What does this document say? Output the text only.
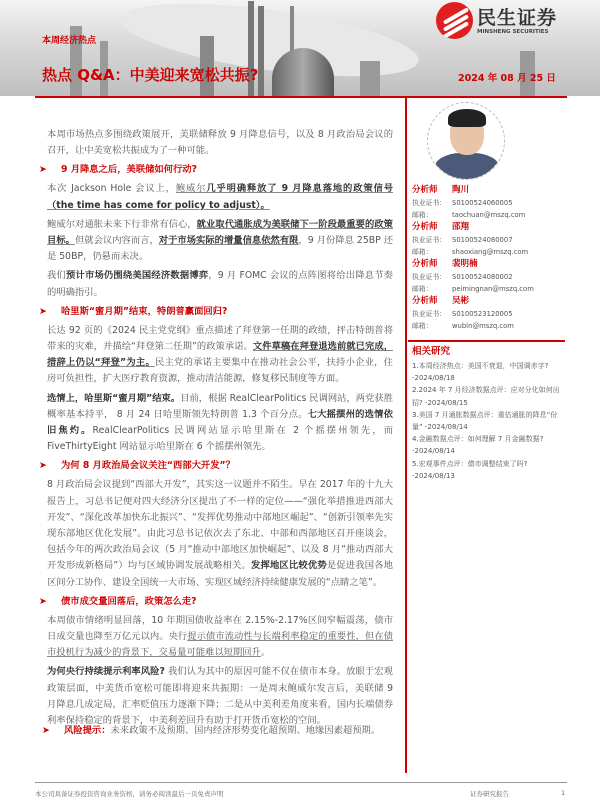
本周经济热点
热点 Q&A：中美迎来宽松共振?	2024 年 08 月 25 日
民生证券
MINSHENG SECURITIES

本周市场热点多围绕政策展开，美联储释放 9 月降息信号，以及 8 月政治局会议的召开，让中美宽松共振成为了一种可能。

➤ 9 月降息之后，美联储如何行动?

本次 Jackson Hole 会议上，鲍威尔几乎明确释放了 9 月降息落地的政策信号（the time has come for policy to adjust）。

鲍威尔对通胀未来下行非常有信心，就业取代通胀成为美联储下一阶段最重要的政策目标。但就会议内容而言，对于市场实际的增量信息依然有限，9 月份降息 25BP 还是 50BP，仍悬而未决。

我们预计市场仍围绕美国经济数据博弈，9 月 FOMC 会议的点阵图将给出降息节奏的明确指引。

➤ 哈里斯“蜜月期”结束，特朗普赢面回归?

长达 92 页的《2024 民主党党纲》重点描述了拜登第一任期的政绩，抨击特朗普将带来的灾难，并描绘“拜登第二任期”的政策承诺。文件草稿在拜登退选前就已完成，措辞上仍以“拜登”为主。民主党的承诺主要集中在推动社会公平，扶持小企业，住房可负担性，扩大医疗教育资源，推动清洁能源，修复移民制度等方面。

选情上，哈里斯“蜜月期”结束。目前，根据 RealClearPolitics 民调网站，两党获胜概率基本持平， 8 月 24 日哈里斯领先特朗普 1.3 个百分点。七大摇摆州的选情依旧焦灼。RealClearPolitics 民调网站显示哈里斯在 2 个摇摆州领先，而 FiveThirtyEight 网站显示哈里斯在 6 个摇摆州领先。

➤ 为何 8 月政治局会议关注“西部大开发”？

8 月政治局会议提到“西部大开发”，其实这一议题并不陌生。早在 2017 年的十九大报告上，习总书记便对四大经济分区提出了不一样的定位——“强化举措推进西部大开发”、“深化改革加快东北振兴”、“发挥优势推动中部地区崛起”、“创新引领率先实现东部地区优化发展”。由此习总书记依次去了东北、中部和西部地区召开座谈会，包括今年的两次政治局会议（5 月“推动中部地区加快崛起”、以及 8 月“推动西部大开发形成新格局”）均与区域协调发展战略相关。发挥地区比较优势是促进我国各地区间分工协作、建设全国统一大市场、实现区域经济持续健康发展的“点睛之笔”。

➤ 债市成交量回落后，政策怎么走?

本周债市情绪明显回落，10 年期国债收益率在 2.15%-2.17%区间窄幅震荡，债市日成交量也降至万亿元以内。央行提示债市流动性与长端利率稳定的重要性，但在债市投机行为减少的背景下，交易量可能难以短期回升。

为何央行持续提示利率风险? 我们认为其中的原因可能不仅在债市本身。放眼于宏观政策层面，中美货币宽松可能即将迎来共振期：一是周末鲍威尔发言后，美联储 9 月降息几成定局，汇率贬值压力逐渐下降；二是从中美利差角度来看，国内长端债券利率保持稳定的背景下，中美利差回升有助于打开货币宽松的空间。

➤ 风险提示：未来政策不及预期、国内经济形势变化超预期、地缘因素超预期。
分析师 陶川
执业证书： S0100524060005
邮箱：	taochuan@mszq.com
分析师 邵翔
执业证书： S0100524080007
邮箱：	shaoxiang@mszq.com
分析师 裴明楠
执业证书： S0100524080002
邮箱：	peimingnan@mszq.com
分析师 吴彬
执业证书： S0100523120005
邮箱：	wubin@mszq.com
相关研究
1.本周经济热点：美国不衰退，中国调赤字?-2024/08/18
2.2024 年 7 月经济数据点评：应对分化如何出招? -2024/08/15
3.美国 7 月通胀数据点评：重估通胀的降息“份量” -2024/08/14
4.金融数据点评：如何理解 7 月金融数据? -2024/08/14
5.宏观事件点评：债市调整结束了吗? -2024/08/13
本公司具备证券投资咨询业务资格，请务必阅读最后一页免责声明	证券研究报告	1
